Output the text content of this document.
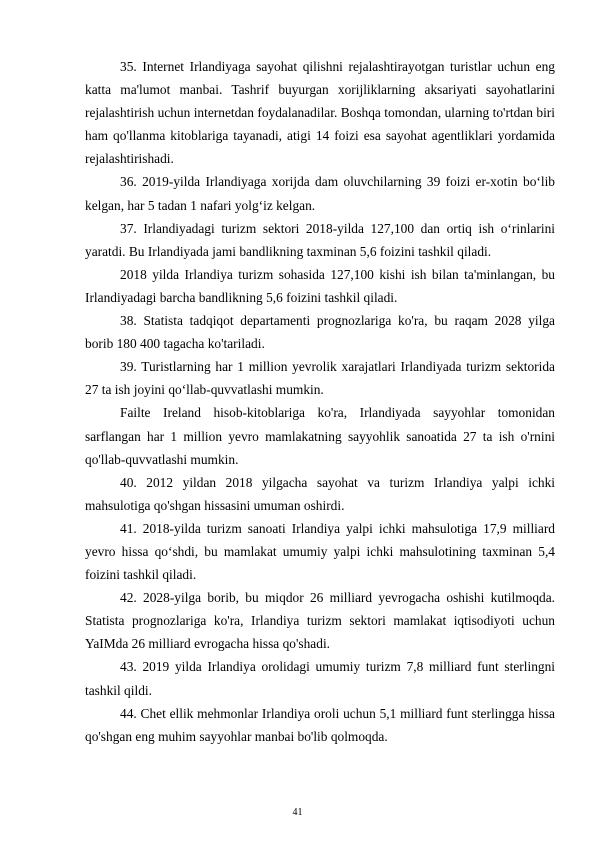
35. Internet Irlandiyaga sayohat qilishni rejalashtirayotgan turistlar uchun eng katta ma'lumot manbai. Tashrif buyurgan xorijliklarning aksariyati sayohatlarini rejalashtirish uchun internetdan foydalanadilar. Boshqa tomondan, ularning to'rtdan biri ham qo'llanma kitoblariga tayanadi, atigi 14 foizi esa sayohat agentliklari yordamida rejalashtirishadi.

36. 2019-yilda Irlandiyaga xorijda dam oluvchilarning 39 foizi er-xotin bo‘lib kelgan, har 5 tadan 1 nafari yolg‘iz kelgan.

37. Irlandiyadagi turizm sektori 2018-yilda 127,100 dan ortiq ish o‘rinlarini yaratdi. Bu Irlandiyada jami bandlikning taxminan 5,6 foizini tashkil qiladi.

2018 yilda Irlandiya turizm sohasida 127,100 kishi ish bilan ta'minlangan, bu Irlandiyadagi barcha bandlikning 5,6 foizini tashkil qiladi.

38. Statista tadqiqot departamenti prognozlariga ko'ra, bu raqam 2028 yilga borib 180 400 tagacha ko'tariladi.

39. Turistlarning har 1 million yevrolik xarajatlari Irlandiyada turizm sektorida 27 ta ish joyini qo‘llab-quvvatlashi mumkin.

Failte Ireland hisob-kitoblariga ko'ra, Irlandiyada sayyohlar tomonidan sarflangan har 1 million yevro mamlakatning sayyohlik sanoatida 27 ta ish o'rnini qo'llab-quvvatlashi mumkin.

40. 2012 yildan 2018 yilgacha sayohat va turizm Irlandiya yalpi ichki mahsulotiga qo'shgan hissasini umuman oshirdi.

41. 2018-yilda turizm sanoati Irlandiya yalpi ichki mahsulotiga 17,9 milliard yevro hissa qo‘shdi, bu mamlakat umumiy yalpi ichki mahsulotining taxminan 5,4 foizini tashkil qiladi.

42. 2028-yilga borib, bu miqdor 26 milliard yevrogacha oshishi kutilmoqda. Statista prognozlariga ko'ra, Irlandiya turizm sektori mamlakat iqtisodiyoti uchun YaIMda 26 milliard evrogacha hissa qo'shadi.

43. 2019 yilda Irlandiya orolidagi umumiy turizm 7,8 milliard funt sterlingni tashkil qildi.

44. Chet ellik mehmonlar Irlandiya oroli uchun 5,1 milliard funt sterlingga hissa qo'shgan eng muhim sayyohlar manbai bo'lib qolmoqda.

41
